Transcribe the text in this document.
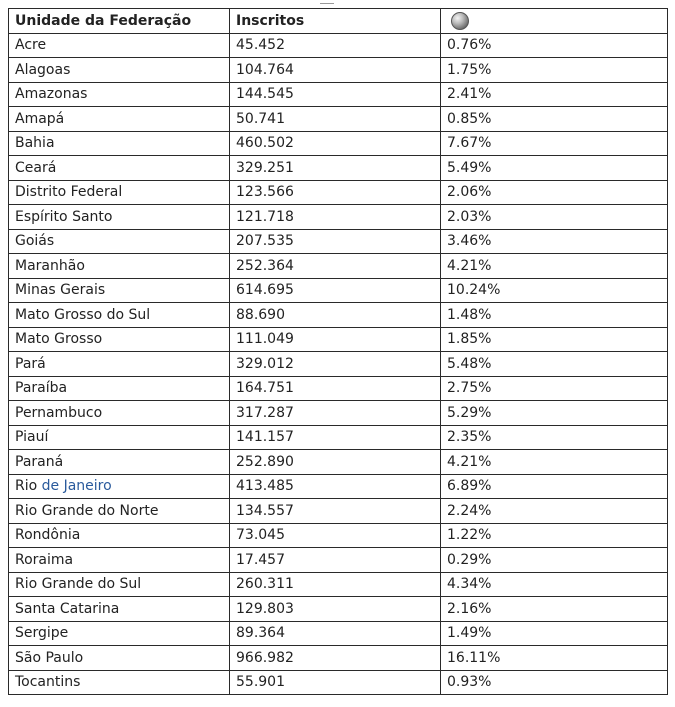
Unidade da Federação	Inscritos	
Acre	45.452	0.76%
Alagoas	104.764	1.75%
Amazonas	144.545	2.41%
Amapá	50.741	0.85%
Bahia	460.502	7.67%
Ceará	329.251	5.49%
Distrito Federal	123.566	2.06%
Espírito Santo	121.718	2.03%
Goiás	207.535	3.46%
Maranhão	252.364	4.21%
Minas Gerais	614.695	10.24%
Mato Grosso do Sul	88.690	1.48%
Mato Grosso	111.049	1.85%
Pará	329.012	5.48%
Paraíba	164.751	2.75%
Pernambuco	317.287	5.29%
Piauí	141.157	2.35%
Paraná	252.890	4.21%
Rio de Janeiro	413.485	6.89%
Rio Grande do Norte	134.557	2.24%
Rondônia	73.045	1.22%
Roraima	17.457	0.29%
Rio Grande do Sul	260.311	4.34%
Santa Catarina	129.803	2.16%
Sergipe	89.364	1.49%
São Paulo	966.982	16.11%
Tocantins	55.901	0.93%
